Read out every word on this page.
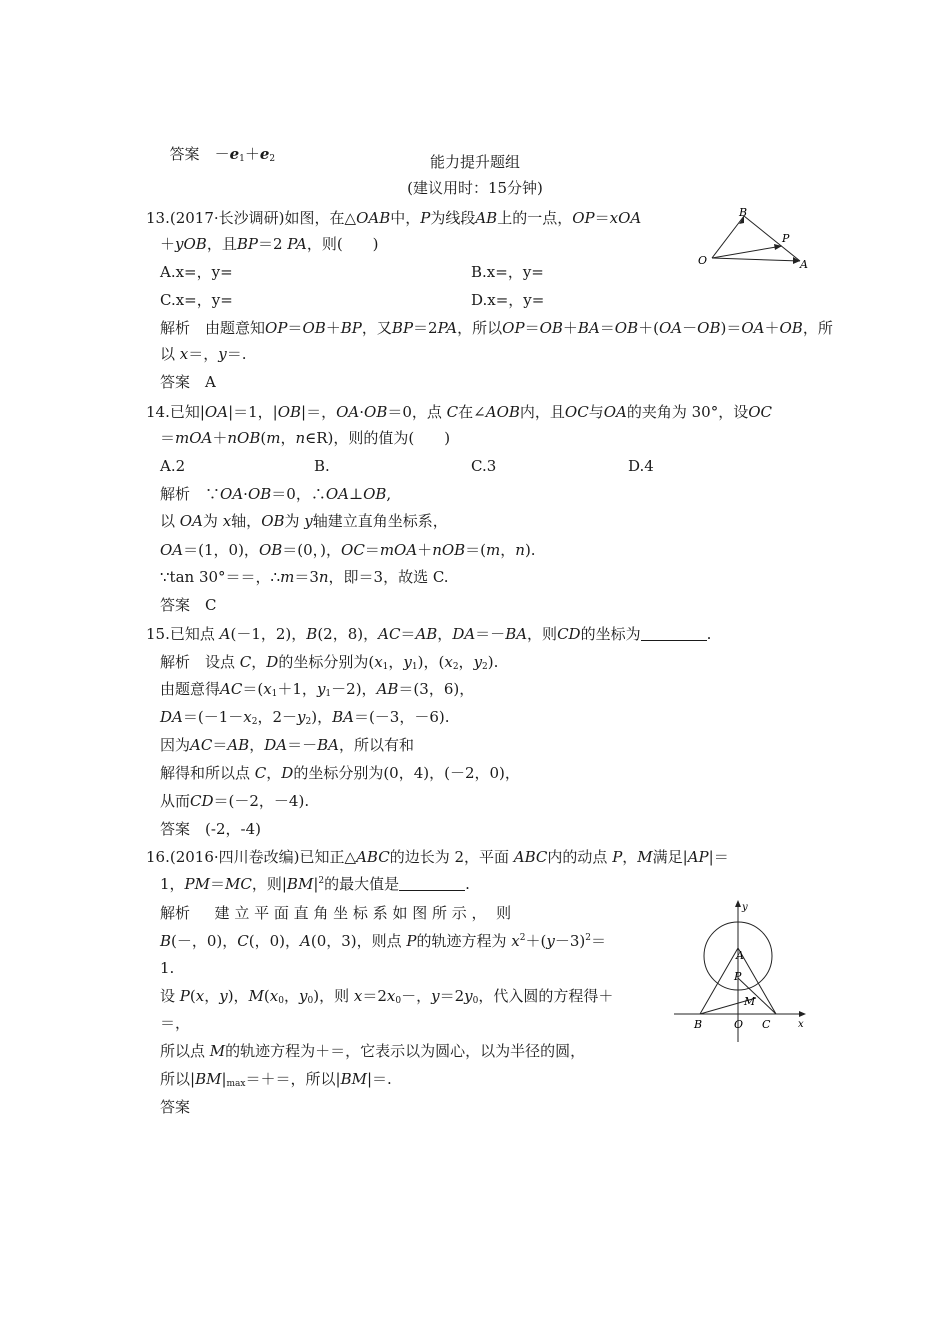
答案　$-e_1+e_2$	能力提升题组
(建议用时：15分钟)
13.(2017·长沙调研)如图，在△OAB中，P为线段AB上的一点，OP＝xOA
＋yOB，且BP＝2 PA，则(　　)
A.x=，y=	B.x=，y=
C.x=，y=	D.x=，y=
解析　由题意知OP＝OB＋BP，又BP＝2PA，所以OP＝OB＋BA＝OB＋(OA－OB)＝OA＋OB，所
以 x＝，y＝.
答案　 A
B
P
O	A
14.已知|OA|＝1，|OB|＝，OA·OB＝0，点 C在∠AOB内，且OC与OA的夹角为 30°，设OC
＝mOA＋nOB(m，n∈R)，则的值为(　　)
A.2	B.	C.3	D.4
解析　∵OA·OB＝0，∴OA⊥OB,
以 OA为 x轴，OB为 y轴建立直角坐标系，
OA＝(1，0)，OB＝(0，)，OC＝mOA＋nOB＝(m，n).
∵tan 30°＝＝，∴m＝3n，即＝3，故选 C.
答案　 C
15.已知点 A(－1，2)，B(2，8)，AC＝AB，DA＝－BA，则CD的坐标为	.
解析　设点 C，D的坐标分别为($x_1$，$y_1$)，($x_2$，$y_2$).
由题意得$AC=(x_1+1$，$y_1-2$)，AB＝(3，6)，
$DA=(-1-x_2$，$2-y_2$)，BA＝(－3，－6).
因为AC＝AB，DA＝－BA，所以有和
解得和所以点 C，D的坐标分别为(0，4)，(－2，0)，
从而CD＝(－2，－4).
答案　 (-2，-4)
16.(2016·四川卷改编)已知正△ABC的边长为 2，平面 ABC内的动点 P，M满足|AP|＝
1，PM＝MC，则$|BM|^2$的最大值是	.
解析　  建 立 平 面 直 角 坐 标 系 如 图 所 示 ，  则
B(－，0)，C(，0)，A(0，3)，则点 P的轨迹方程为 $x^2+(y-3)^2=$
1.
设 P(x，y)，$M(x_0$，$y_0$)，则 $x=2x_0-$，$y=2y_0$，代入圆的方程得＋
＝，
所以点 M的轨迹方程为＋＝，它表示以为圆心，以为半径的圆，
所以$|BM|_{max}=+=$，所以|BM|＝.
答案
y
A
P
M
B	O C	x
